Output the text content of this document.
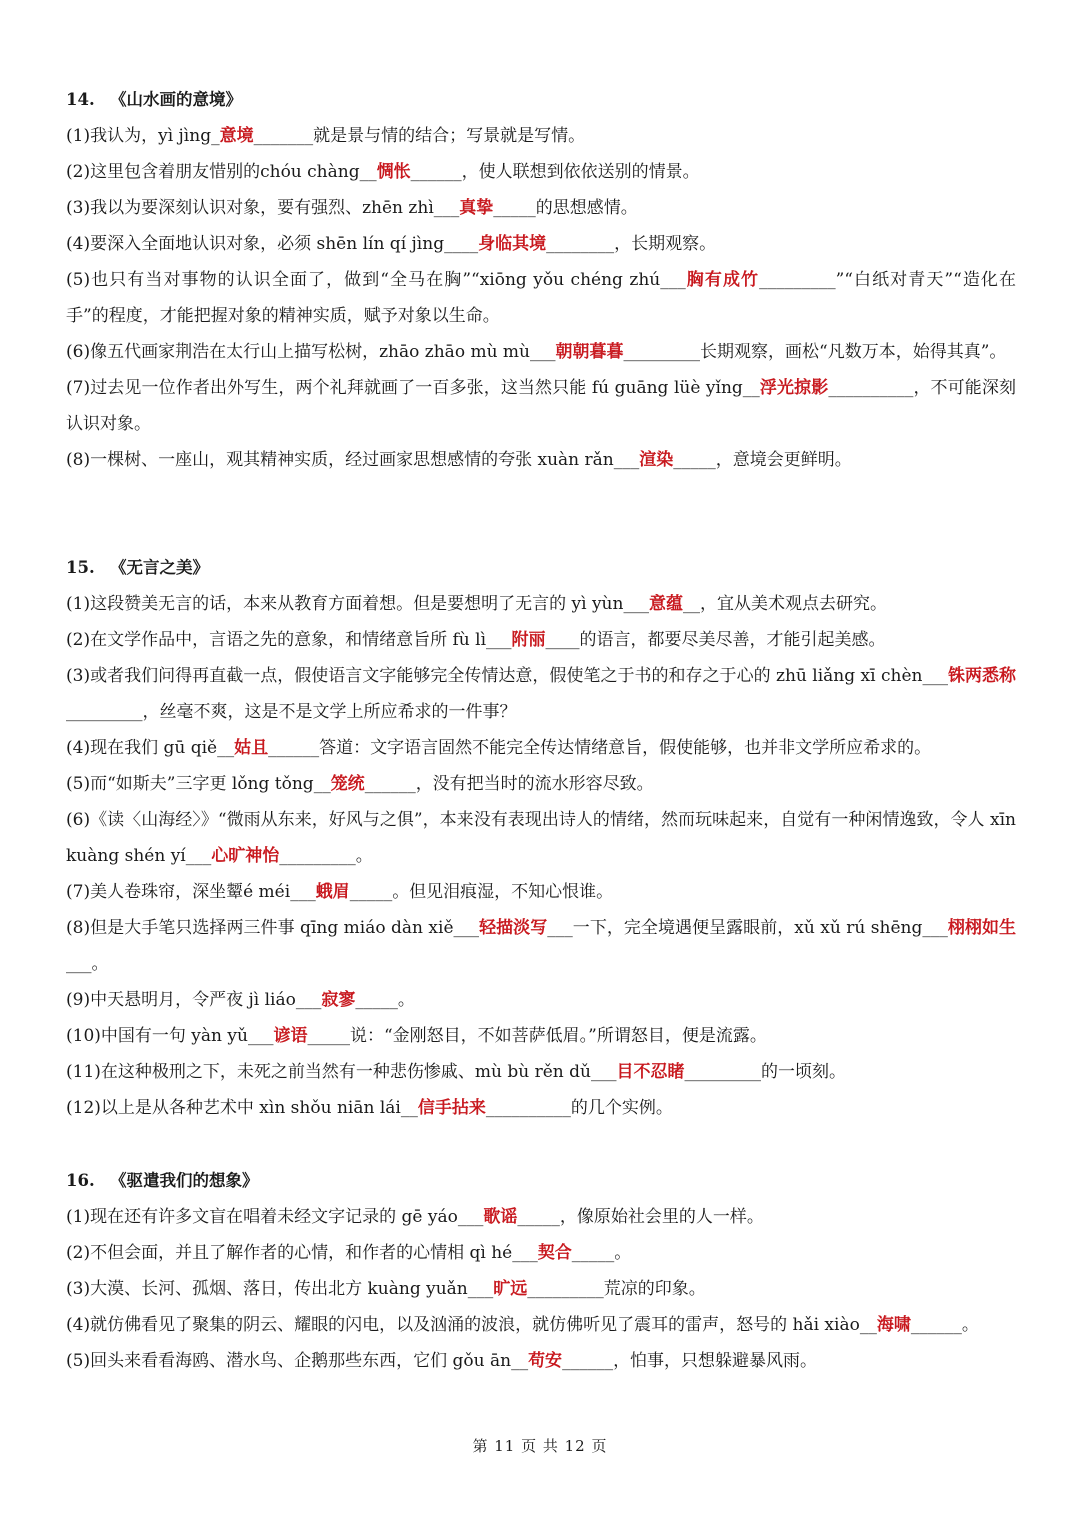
14. 《山水画的意境》
(1)我认为，yì jìng_意境_______就是景与情的结合；写景就是写情。
(2)这里包含着朋友惜别的chóu chàng__惆怅______，使人联想到依依送别的情景。
(3)我以为要深刻认识对象，要有强烈、zhēn zhì___真挚_____的思想感情。
(4)要深入全面地认识对象，必须 shēn lín qí jìng____身临其境________，长期观察。
(5)也只有当对事物的认识全面了，做到“全马在胸”“xiōng yǒu chéng zhú___胸有成竹_________”“白纸对青天”“造化在手”的程度，才能把握对象的精神实质，赋予对象以生命。
(6)像五代画家荆浩在太行山上描写松树，zhāo zhāo mù mù___朝朝暮暮_________长期观察，画松“凡数万本，始得其真”。
(7)过去见一位作者出外写生，两个礼拜就画了一百多张，这当然只能 fú guāng lüè yǐng__浮光掠影__________，不可能深刻认识对象。
(8)一棵树、一座山，观其精神实质，经过画家思想感情的夸张 xuàn rǎn___渲染_____，意境会更鲜明。
15. 《无言之美》
(1)这段赞美无言的话，本来从教育方面着想。但是要想明了无言的 yì yùn___意蕴__，宜从美术观点去研究。
(2)在文学作品中，言语之先的意象，和情绪意旨所 fù lì___附丽____的语言，都要尽美尽善，才能引起美感。
(3)或者我们问得再直截一点，假使语言文字能够完全传情达意，假使笔之于书的和存之于心的 zhū liǎng xī chèn___铢两悉称_________，丝毫不爽，这是不是文学上所应希求的一件事？
(4)现在我们 gū qiě__姑且______答道：文字语言固然不能完全传达情绪意旨，假使能够，也并非文学所应希求的。
(5)而“如斯夫”三字更 lǒng tǒng__笼统______，没有把当时的流水形容尽致。
(6)《读〈山海经〉》“微雨从东来，好风与之俱”，本来没有表现出诗人的情绪，然而玩味起来，自觉有一种闲情逸致，令人 xīn kuàng shén yí___心旷神怡_________。
(7)美人卷珠帘，深坐颦é méi___蛾眉_____。但见泪痕湿，不知心恨谁。
(8)但是大手笔只选择两三件事 qīng miáo dàn xiě___轻描淡写___一下，完全境遇便呈露眼前，xǔ xǔ rú shēng___栩栩如生___。
(9)中天悬明月，令严夜 jì liáo___寂寥_____。
(10)中国有一句 yàn yǔ___谚语_____说：“金刚怒目，不如菩萨低眉。”所谓怒目，便是流露。
(11)在这种极刑之下，未死之前当然有一种悲伤惨戚、mù bù rěn dǔ___目不忍睹_________的一顷刻。
(12)以上是从各种艺术中 xìn shǒu niān lái__信手拈来__________的几个实例。
16. 《驱遣我们的想象》
(1)现在还有许多文盲在唱着未经文字记录的 gē yáo___歌谣_____，像原始社会里的人一样。
(2)不但会面，并且了解作者的心情，和作者的心情相 qì hé___契合_____。
(3)大漠、长河、孤烟、落日，传出北方 kuàng yuǎn___旷远_________荒凉的印象。
(4)就仿佛看见了聚集的阴云、耀眼的闪电，以及汹涌的波浪，就仿佛听见了震耳的雷声，怒号的 hǎi xiào__海啸______。
(5)回头来看看海鸥、潜水鸟、企鹅那些东西，它们 gǒu ān__苟安______，怕事，只想躲避暴风雨。
第 11 页 共 12 页
